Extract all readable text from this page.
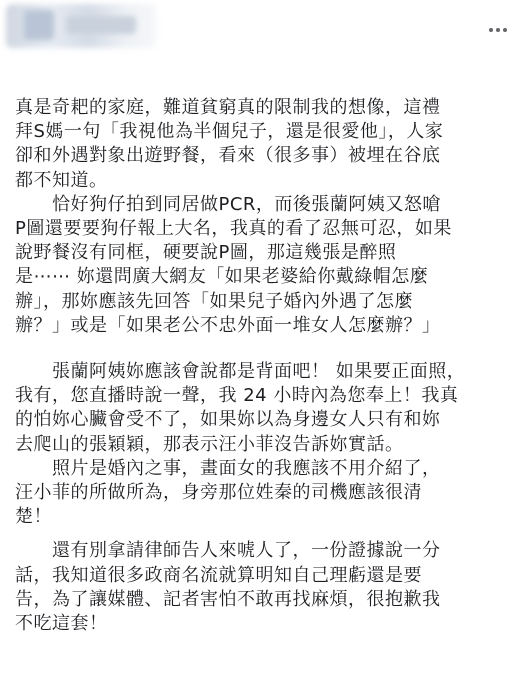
真是奇耙的家庭，難道貧窮真的限制我的想像，這禮
拜S媽一句「我視他為半個兒子，還是很愛他」，人家
卻和外遇對象出遊野餐，看來（很多事）被埋在谷底
都不知道。

　　恰好狗仔拍到同居做PCR，而後張蘭阿姨又怒嗆
P圖還要要狗仔報上大名，我真的看了忍無可忍，如果
說野餐沒有同框，硬要說P圖，那這幾張是醉照
是⋯⋯ 妳還問廣大網友「如果老婆給你戴綠帽怎麼
辦」，那妳應該先回答「如果兒子婚內外遇了怎麼
辦？」或是「如果老公不忠外面一堆女人怎麼辦？」

　　張蘭阿姨妳應該會說都是背面吧！ 如果要正面照，
我有，您直播時說一聲，我 24 小時內為您奉上！我真
的怕妳心臟會受不了，如果妳以為身邊女人只有和妳
去爬山的張穎穎，那表示汪小菲沒告訴妳實話。

　　照片是婚內之事，畫面女的我應該不用介紹了，
汪小菲的所做所為，身旁那位姓秦的司機應該很清
楚！

　　還有別拿請律師告人來唬人了，一份證據說一分
話，我知道很多政商名流就算明知自己理虧還是要
告，為了讓媒體、記者害怕不敢再找麻煩，很抱歉我
不吃這套！
